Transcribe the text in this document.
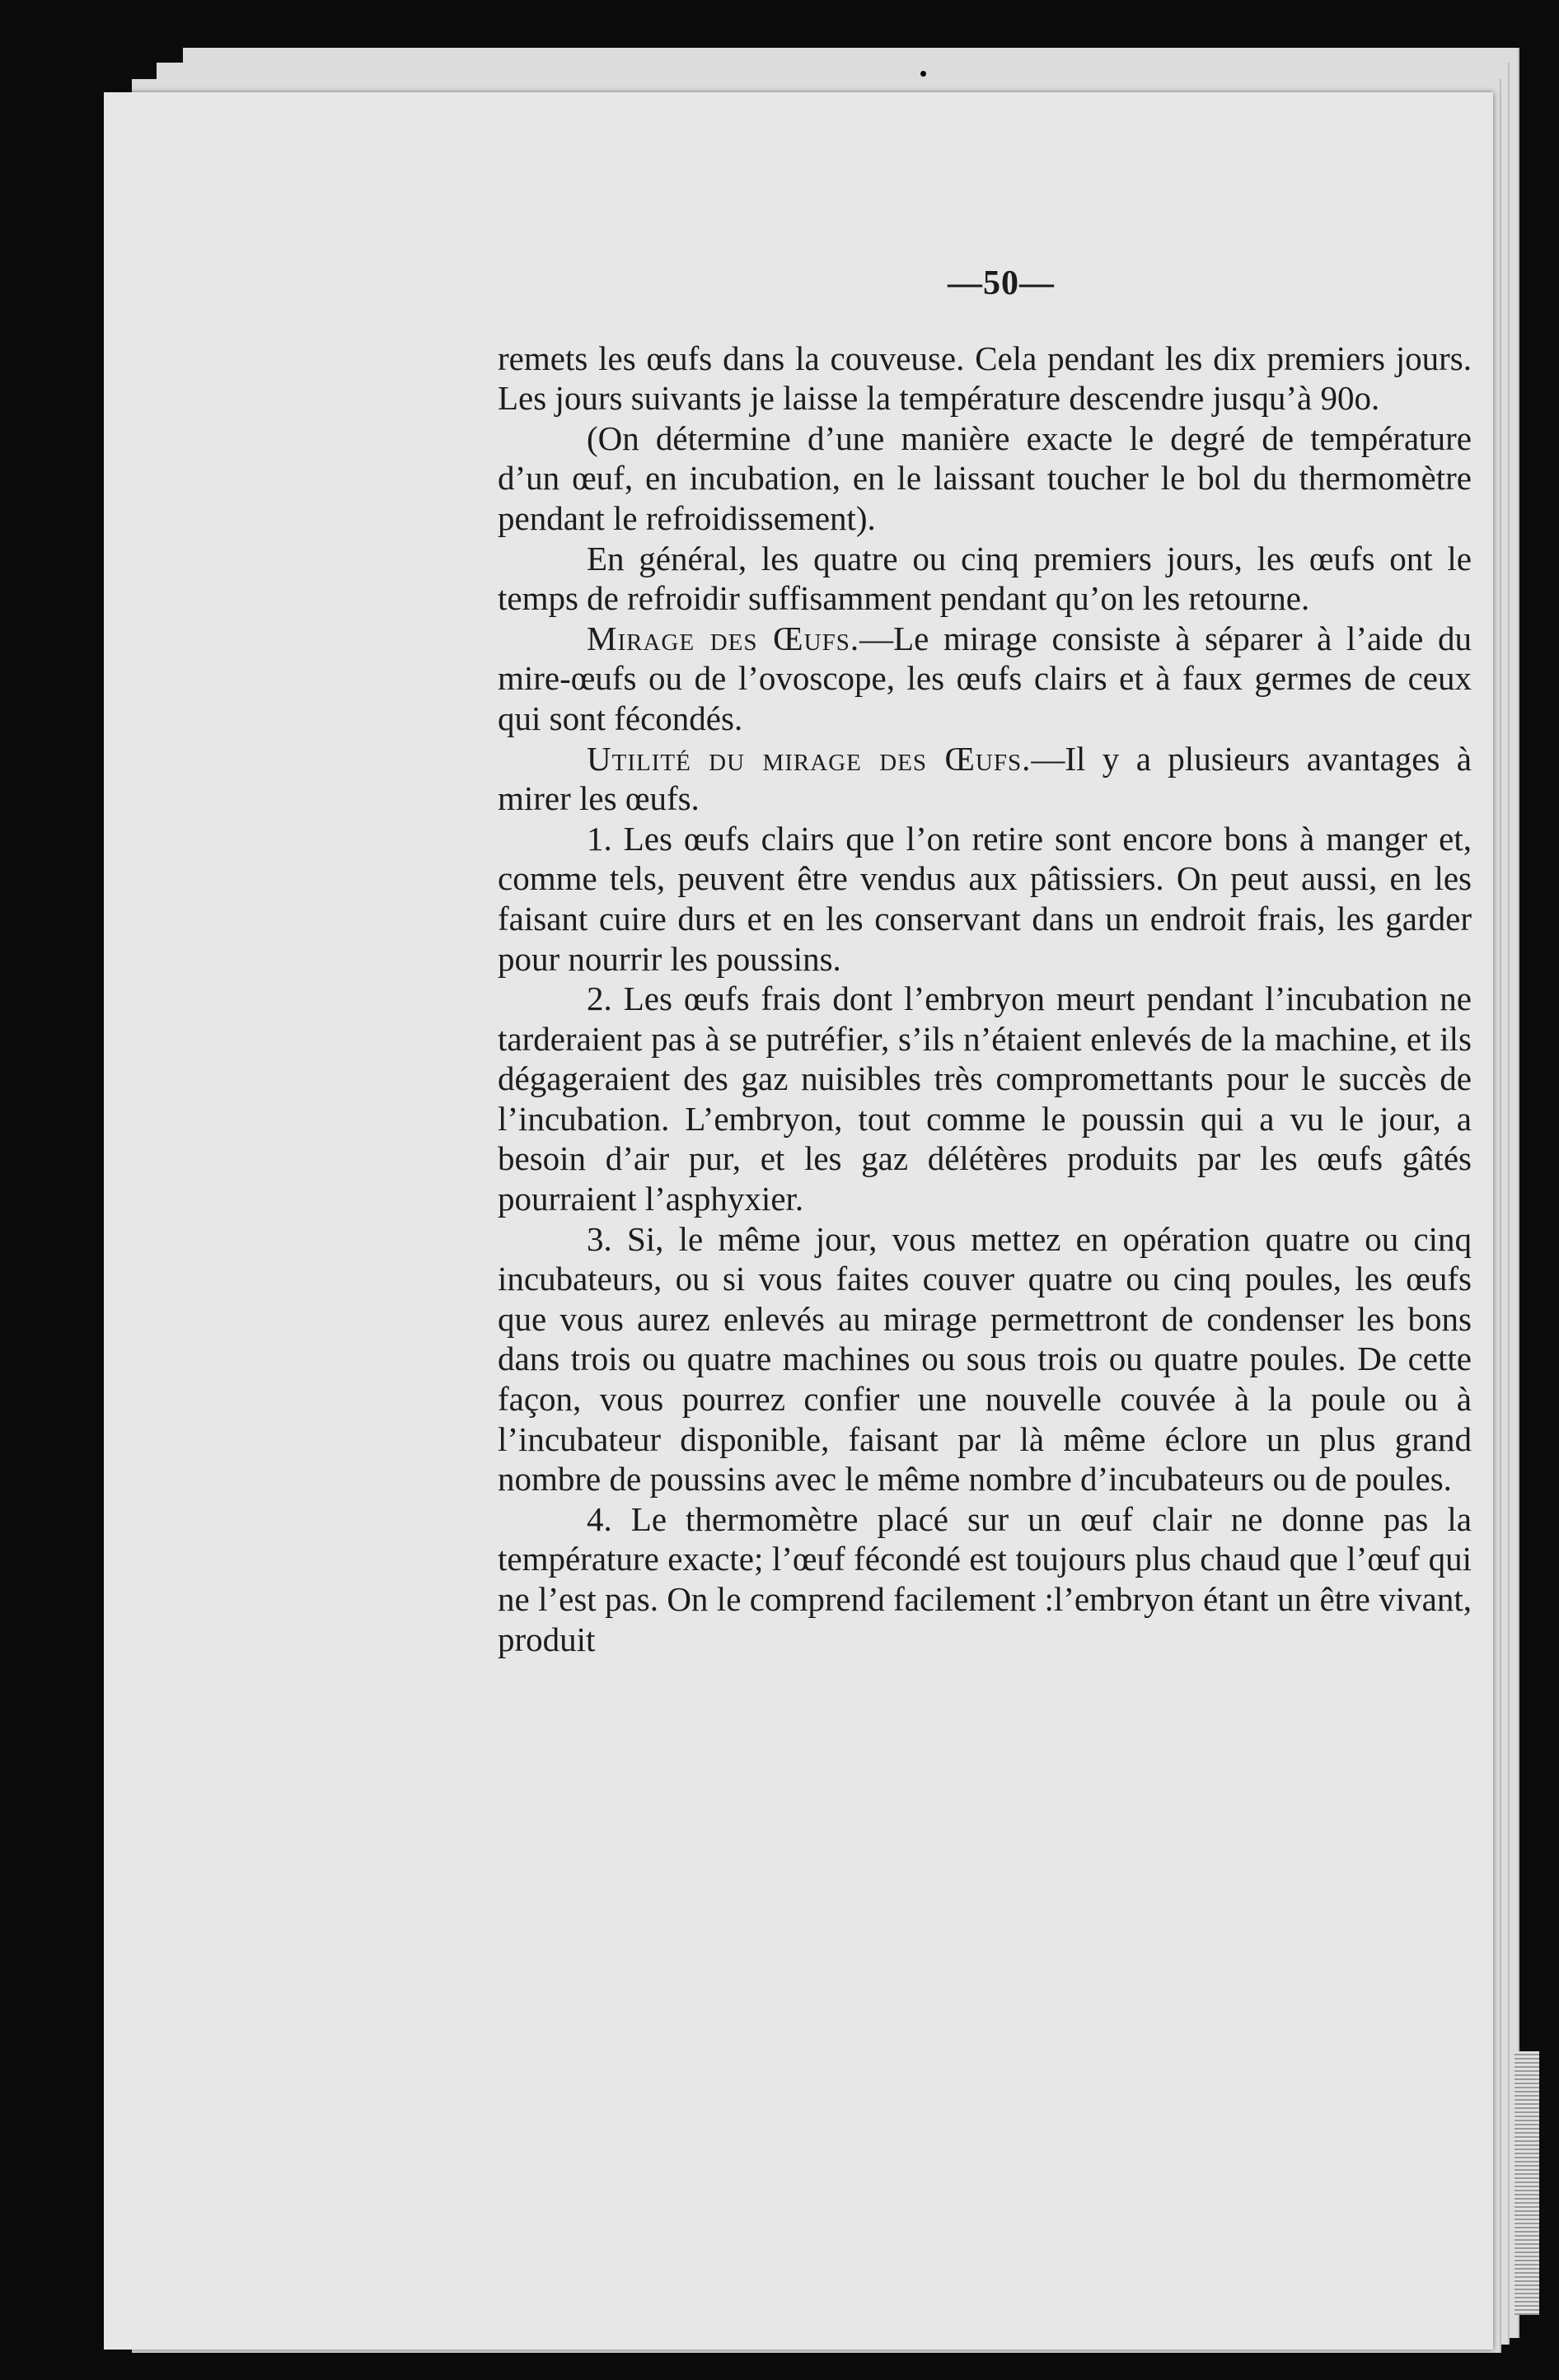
—50—

remets les œufs dans la couveuse. Cela pendant les dix premiers jours. Les jours suivants je laisse la température descendre jusqu’à 90o.

(On détermine d’une manière exacte le degré de température d’un œuf, en incubation, en le laissant toucher le bol du thermomètre pendant le refroidissement).

En général, les quatre ou cinq premiers jours, les œufs ont le temps de refroidir suffisamment pendant qu’on les retourne.

Mirage des Œufs.—Le mirage consiste à séparer à l’aide du mire-œufs ou de l’ovoscope, les œufs clairs et à faux germes de ceux qui sont fécondés.

Utilité du mirage des Œufs.—Il y a plusieurs avantages à mirer les œufs.

1. Les œufs clairs que l’on retire sont encore bons à manger et, comme tels, peuvent être vendus aux pâtissiers. On peut aussi, en les faisant cuire durs et en les conservant dans un endroit frais, les garder pour nourrir les poussins.

2. Les œufs frais dont l’embryon meurt pendant l’incubation ne tarderaient pas à se putréfier, s’ils n’étaient enlevés de la machine, et ils dégageraient des gaz nuisibles très compromettants pour le succès de l’incubation. L’embryon, tout comme le poussin qui a vu le jour, a besoin d’air pur, et les gaz délétères produits par les œufs gâtés pourraient l’asphyxier.

3. Si, le même jour, vous mettez en opération quatre ou cinq incubateurs, ou si vous faites couver quatre ou cinq poules, les œufs que vous aurez enlevés au mirage permettront de condenser les bons dans trois ou quatre machines ou sous trois ou quatre poules. De cette façon, vous pourrez confier une nouvelle couvée à la poule ou à l’incubateur disponible, faisant par là même éclore un plus grand nombre de poussins avec le même nombre d’incubateurs ou de poules.

4. Le thermomètre placé sur un œuf clair ne donne pas la température exacte; l’œuf fécondé est toujours plus chaud que l’œuf qui ne l’est pas. On le comprend facilement :l’embryon étant un être vivant, produit
